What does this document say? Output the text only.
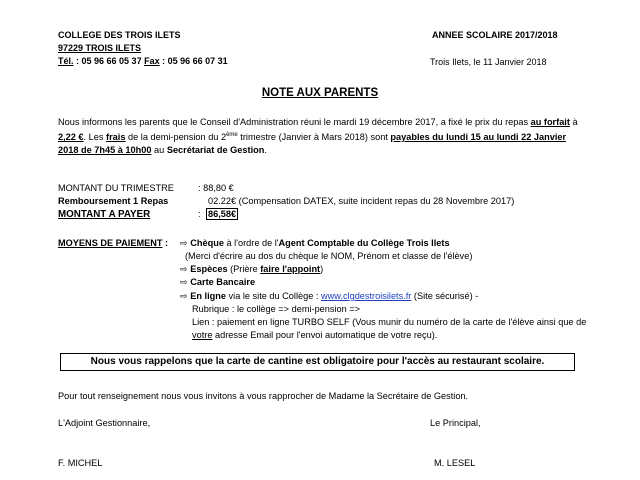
COLLEGE DES TROIS ILETS
97229 TROIS ILETS
Tél. : 05 96 66 05 37 Fax : 05 96 66 07 31
ANNEE SCOLAIRE 2017/2018
Trois Ilets, le 11 Janvier 2018
NOTE AUX PARENTS
Nous informons les parents que le Conseil d'Administration réuni le mardi 19 décembre 2017, a fixé le prix du repas au forfait à 2,22 €. Les frais de la demi-pension du 2ème trimestre (Janvier à Mars 2018) sont payables du lundi 15 au lundi 22 Janvier 2018 de 7h45 à 10h00 au Secrétariat de Gestion.
MONTANT DU TRIMESTRE	: 88,80 €
Remboursement 1 Repas	02.22€ (Compensation DATEX, suite incident repas du 28 Novembre 2017)
MONTANT A PAYER	: 86,58€
MOYENS DE PAIEMENT : ⇨ Chèque à l'ordre de l'Agent Comptable du Collège Trois Ilets
(Merci d'écrire au dos du chèque le NOM, Prénom et classe de l'élève)
⇨ Espèces (Prière faire l'appoint)
⇨ Carte Bancaire
⇨ En ligne via le site du Collège : www.clgdestroisilets.fr (Site sécurisé) -
Rubrique : le collège => demi-pension =>
Lien : paiement en ligne TURBO SELF (Vous munir du numéro de la carte de l'élève ainsi que de
votre adresse Email pour l'envoi automatique de votre reçu).
Nous vous rappelons que la carte de cantine est obligatoire pour l'accès au restaurant scolaire.
Pour tout renseignement nous vous invitons à vous rapprocher de Madame la Secrétaire de Gestion.
L'Adjoint Gestionnaire,	Le Principal,
F. MICHEL	M. LESEL
